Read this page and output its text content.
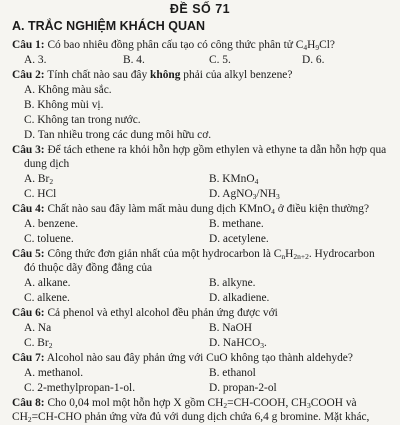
ĐỀ SỐ 71
A. TRẮC NGHIỆM KHÁCH QUAN
Câu 1: Có bao nhiêu đồng phân cấu tạo có công thức phân tử $C_4H_9Cl$?
A. 3.	B. 4.	C. 5.	D. 6.
Câu 2: Tính chất nào sau đây không phải của alkyl benzene?
A. Không màu sắc.
B. Không mùi vị.
C. Không tan trong nước.
D. Tan nhiều trong các dung môi hữu cơ.
Câu 3: Để tách ethene ra khỏi hỗn hợp gồm ethylen và ethyne ta dẫn hỗn hợp qua
dung dịch
A. $Br_2$	B. KMnO$_4$
C. HCl	D. $AgNO_3/NH_3$
Câu 4: Chất nào sau đây làm mất màu dung dịch KMnO$_4$ ở điều kiện thường?
A. benzene.	B. methane.
C. toluene.	D. acetylene.
Câu 5: Công thức đơn giản nhất của một hydrocarbon là $C_nH_{2n+2}$. Hydrocarbon
đó thuộc dãy đồng đẳng của
A. alkane.	B. alkyne.
C. alkene.	D. alkadiene.
Câu 6: Cả phenol và ethyl alcohol đều phản ứng được với
A. Na	B. NaOH
C. $Br_2$	D. NaHCO$_3$.
Câu 7: Alcohol nào sau đây phản ứng với CuO không tạo thành aldehyde?
A. methanol.	B. ethanol
C. 2-methylpropan-1-ol.	D. propan-2-ol
Câu 8: Cho 0,04 mol một hỗn hợp X gồm $CH_2=CH$-COOH, $CH_3COOH$ và
$CH_2=CH$-CHO phản ứng vừa đủ với dung dịch chứa 6,4 g bromine. Mặt khác,
